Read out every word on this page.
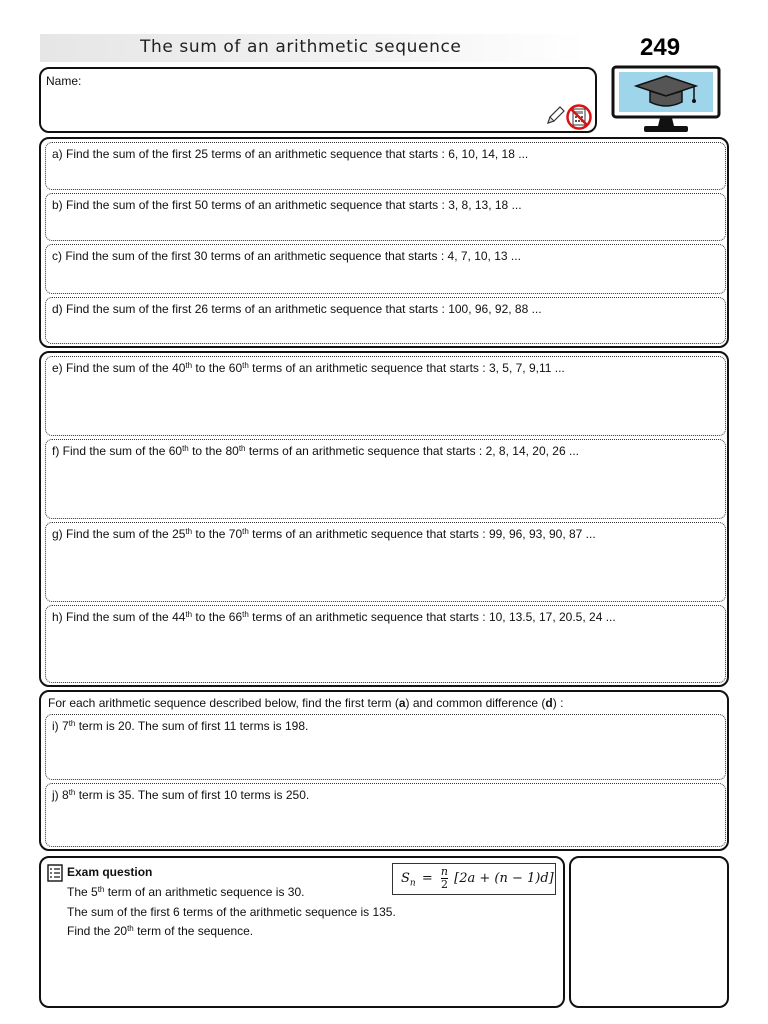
The sum of an arithmetic sequence	249
Name:
a) Find the sum of the first 25 terms of an arithmetic sequence that starts : 6, 10, 14, 18 ...
b) Find the sum of the first 50 terms of an arithmetic sequence that starts : 3, 8, 13, 18 ...
c) Find the sum of the first 30 terms of an arithmetic sequence that starts : 4, 7, 10, 13 ...
d) Find the sum of the first 26 terms of an arithmetic sequence that starts : 100, 96, 92, 88 ...
e) Find the sum of the 40th to the 60th terms of an arithmetic sequence that starts : 3, 5, 7, 9,11 ...
f) Find the sum of the 60th to the 80th terms of an arithmetic sequence that starts : 2, 8, 14, 20, 26 ...
g) Find the sum of the 25th to the 70th terms of an arithmetic sequence that starts : 99, 96, 93, 90, 87 ...
h) Find the sum of the 44th to the 66th terms of an arithmetic sequence that starts : 10, 13.5, 17, 20.5, 24 ...
For each arithmetic sequence described below, find the first term (a) and common difference (d) :
i) 7th term is 20. The sum of first 11 terms is 198.
j) 8th term is 35. The sum of first 10 terms is 250.
Exam question
The 5th term of an arithmetic sequence is 30.
The sum of the first 6 terms of the arithmetic sequence is 135.
Find the 20th term of the sequence.
$S_n = \frac{n}{2} [2a + (n - 1)d]$
